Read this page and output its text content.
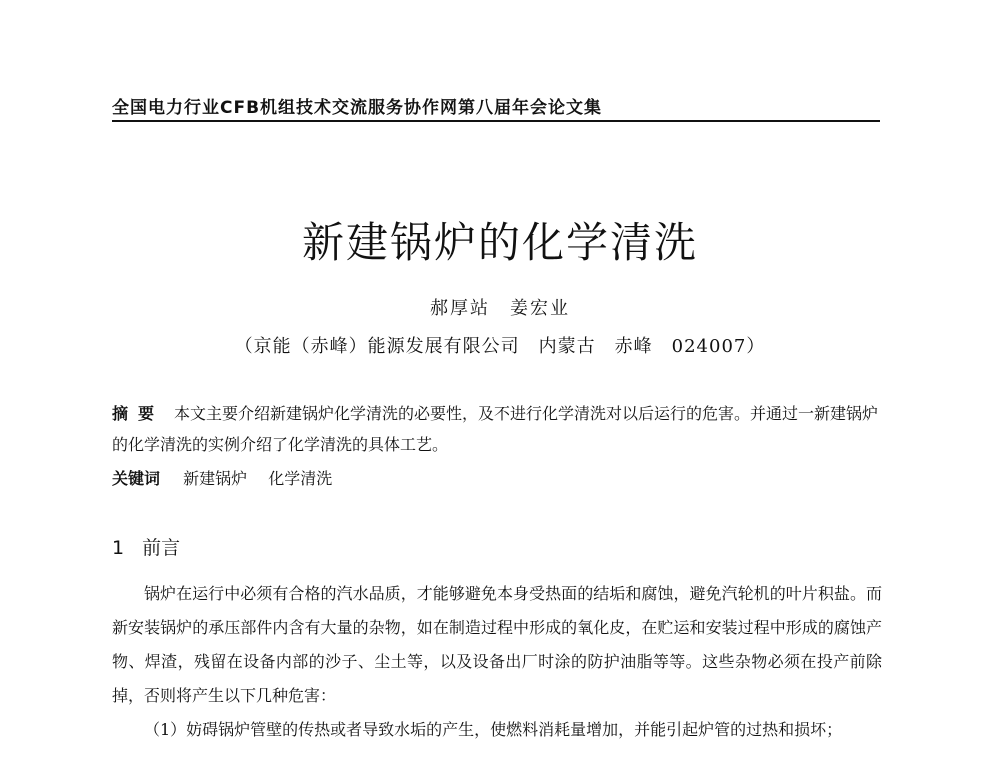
全国电力行业CFB机组技术交流服务协作网第八届年会论文集
新建锅炉的化学清洗
郝厚站　姜宏业
（京能（赤峰）能源发展有限公司　内蒙古　赤峰　024007）
摘要 本文主要介绍新建锅炉化学清洗的必要性，及不进行化学清洗对以后运行的危害。并通过一新建锅炉的化学清洗的实例介绍了化学清洗的具体工艺。
关键词 新建锅炉 化学清洗
1 前言

锅炉在运行中必须有合格的汽水品质，才能够避免本身受热面的结垢和腐蚀，避免汽轮机的叶片积盐。而新安装锅炉的承压部件内含有大量的杂物，如在制造过程中形成的氧化皮，在贮运和安装过程中形成的腐蚀产物、焊渣，残留在设备内部的沙子、尘土等，以及设备出厂时涂的防护油脂等等。这些杂物必须在投产前除掉，否则将产生以下几种危害：

（1）妨碍锅炉管壁的传热或者导致水垢的产生，使燃料消耗量增加，并能引起炉管的过热和损坏；
